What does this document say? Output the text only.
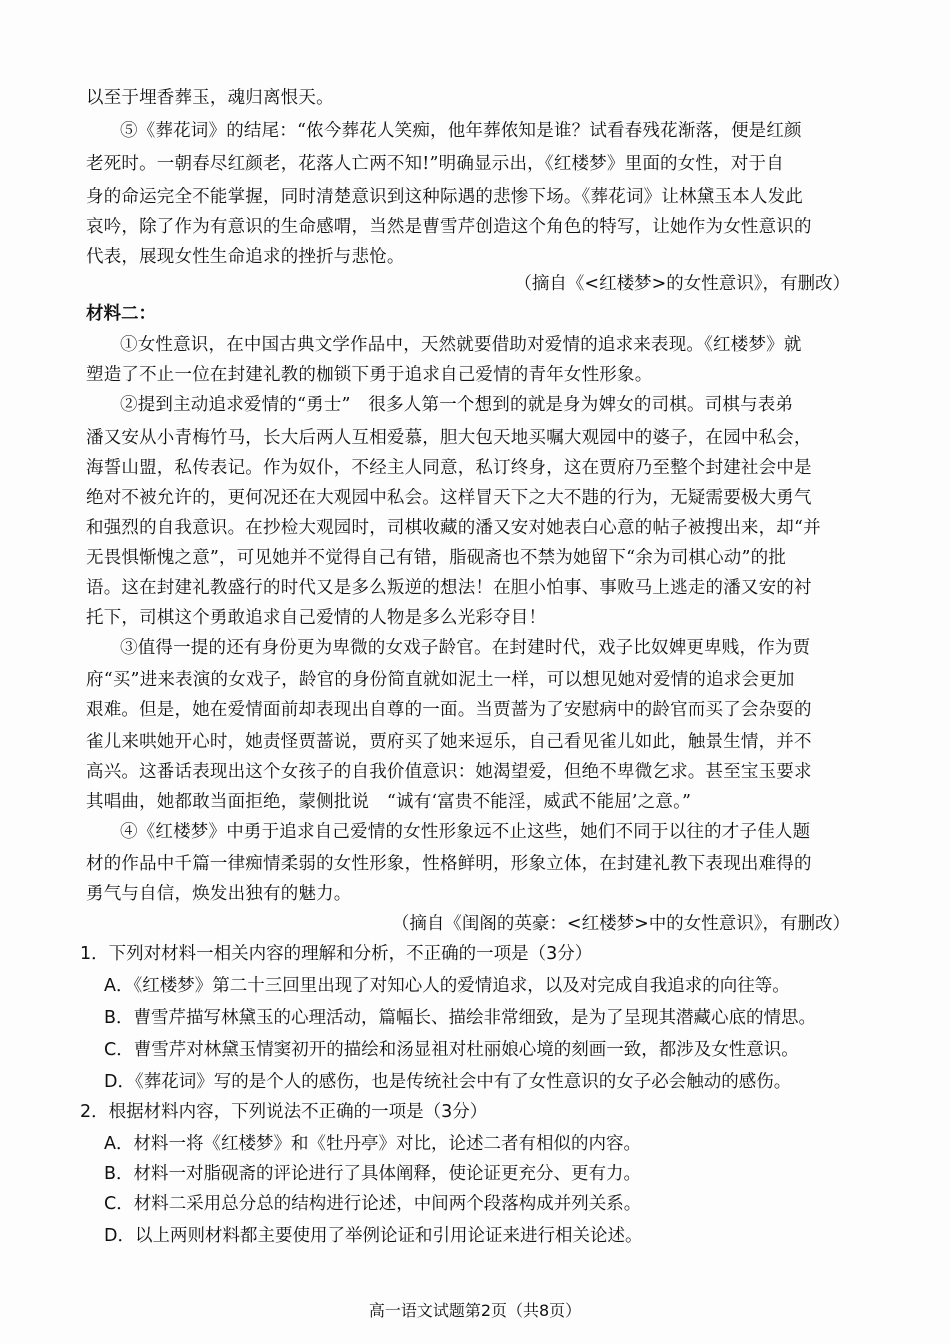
以至于埋香葬玉，魂归离恨天。
⑤《葬花词》的结尾：“侬今葬花人笑痴，他年葬侬知是谁？试看春残花渐落，便是红颜
老死时。一朝春尽红颜老，花落人亡两不知!”明确显示出，《红楼梦》里面的女性，对于自
身的命运完全不能掌握，同时清楚意识到这种际遇的悲惨下场。《葬花词》让林黛玉本人发此
哀吟，除了作为有意识的生命感喟，当然是曹雪芹创造这个角色的特写，让她作为女性意识的
代表，展现女性生命追求的挫折与悲怆。
（摘自《<红楼梦>的女性意识》，有删改）
材料二：
①女性意识，在中国古典文学作品中，天然就要借助对爱情的追求来表现。《红楼梦》就
塑造了不止一位在封建礼教的枷锁下勇于追求自己爱情的青年女性形象。
②提到主动追求爱情的“勇士”　很多人第一个想到的就是身为婢女的司棋。司棋与表弟
潘又安从小青梅竹马，长大后两人互相爱慕，胆大包天地买嘱大观园中的婆子，在园中私会，
海誓山盟，私传表记。作为奴仆，不经主人同意，私订终身，这在贾府乃至整个封建社会中是
绝对不被允许的，更何况还在大观园中私会。这样冒天下之大不韪的行为，无疑需要极大勇气
和强烈的自我意识。在抄检大观园时，司棋收藏的潘又安对她表白心意的帖子被搜出来，却“并
无畏惧惭愧之意”，可见她并不觉得自己有错，脂砚斋也不禁为她留下“余为司棋心动”的批
语。这在封建礼教盛行的时代又是多么叛逆的想法！在胆小怕事、事败马上逃走的潘又安的衬
托下，司棋这个勇敢追求自己爱情的人物是多么光彩夺目！
③值得一提的还有身份更为卑微的女戏子龄官。在封建时代，戏子比奴婢更卑贱，作为贾
府“买”进来表演的女戏子，龄官的身份简直就如泥土一样，可以想见她对爱情的追求会更加
艰难。但是，她在爱情面前却表现出自尊的一面。当贾蔷为了安慰病中的龄官而买了会杂耍的
雀儿来哄她开心时，她责怪贾蔷说，贾府买了她来逗乐，自己看见雀儿如此，触景生情，并不
高兴。这番话表现出这个女孩子的自我价值意识：她渴望爱，但绝不卑微乞求。甚至宝玉要求
其唱曲，她都敢当面拒绝，蒙侧批说　“诚有‘富贵不能淫，威武不能屈’之意。”
④《红楼梦》中勇于追求自己爱情的女性形象远不止这些，她们不同于以往的才子佳人题
材的作品中千篇一律痴情柔弱的女性形象，性格鲜明，形象立体，在封建礼教下表现出难得的
勇气与自信，焕发出独有的魅力。
（摘自《闺阁的英豪：<红楼梦>中的女性意识》，有删改）
1．下列对材料一相关内容的理解和分析，不正确的一项是（3分）
A．《红楼梦》第二十三回里出现了对知心人的爱情追求，以及对完成自我追求的向往等。
B．曹雪芹描写林黛玉的心理活动，篇幅长、描绘非常细致，是为了呈现其潜藏心底的情思。
C．曹雪芹对林黛玉情窦初开的描绘和汤显祖对杜丽娘心境的刻画一致，都涉及女性意识。
D．《葬花词》写的是个人的感伤，也是传统社会中有了女性意识的女子必会触动的感伤。
2．根据材料内容，下列说法不正确的一项是（3分）
A．材料一将《红楼梦》和《牡丹亭》对比，论述二者有相似的内容。
B．材料一对脂砚斋的评论进行了具体阐释，使论证更充分、更有力。
C．材料二采用总分总的结构进行论述，中间两个段落构成并列关系。
D．以上两则材料都主要使用了举例论证和引用论证来进行相关论述。
高一语文试题第2页（共8页）
